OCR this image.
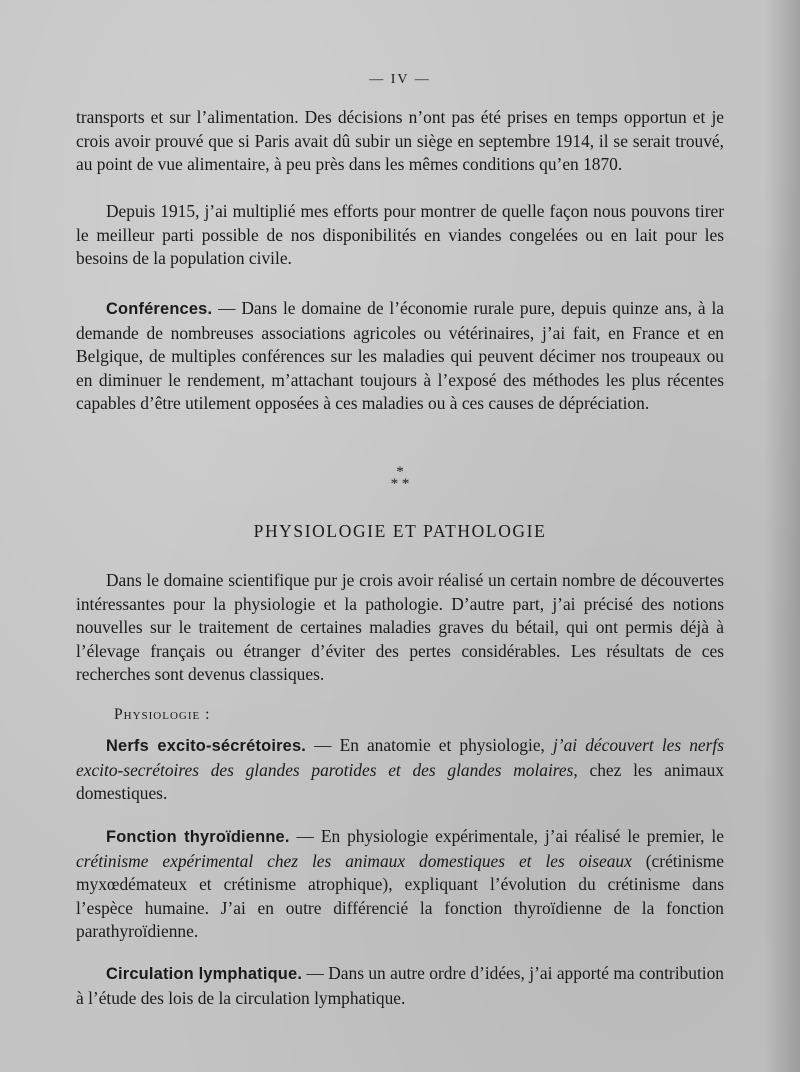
— IV —

transports et sur l’alimentation. Des décisions n’ont pas été prises en temps opportun et je crois avoir prouvé que si Paris avait dû subir un siège en septembre 1914, il se serait trouvé, au point de vue alimentaire, à peu près dans les mêmes conditions qu’en 1870.

Depuis 1915, j’ai multiplié mes efforts pour montrer de quelle façon nous pouvons tirer le meilleur parti possible de nos disponibilités en viandes congelées ou en lait pour les besoins de la population civile.

Conférences. — Dans le domaine de l’économie rurale pure, depuis quinze ans, à la demande de nombreuses associations agricoles ou vétérinaires, j’ai fait, en France et en Belgique, de multiples conférences sur les maladies qui peuvent décimer nos troupeaux ou en diminuer le rendement, m’attachant toujours à l’exposé des méthodes les plus récentes capables d’être utilement opposées à ces maladies ou à ces causes de dépréciation.

*
* *
PHYSIOLOGIE ET PATHOLOGIE

Dans le domaine scientifique pur je crois avoir réalisé un certain nombre de découvertes intéressantes pour la physiologie et la pathologie. D’autre part, j’ai précisé des notions nouvelles sur le traitement de certaines maladies graves du bétail, qui ont permis déjà à l’élevage français ou étranger d’éviter des pertes considérables. Les résultats de ces recherches sont devenus classiques.

Physiologie :

Nerfs excito-sécrétoires. — En anatomie et physiologie, j’ai découvert les nerfs excito-secrétoires des glandes parotides et des glandes molaires, chez les animaux domestiques.

Fonction thyroïdienne. — En physiologie expérimentale, j’ai réalisé le premier, le crétinisme expérimental chez les animaux domestiques et les oiseaux (crétinisme myxœdémateux et crétinisme atrophique), expliquant l’évolution du crétinisme dans l’espèce humaine. J’ai en outre différencié la fonction thyroïdienne de la fonction parathyroïdienne.

Circulation lymphatique. — Dans un autre ordre d’idées, j’ai apporté ma contribution à l’étude des lois de la circulation lymphatique.
